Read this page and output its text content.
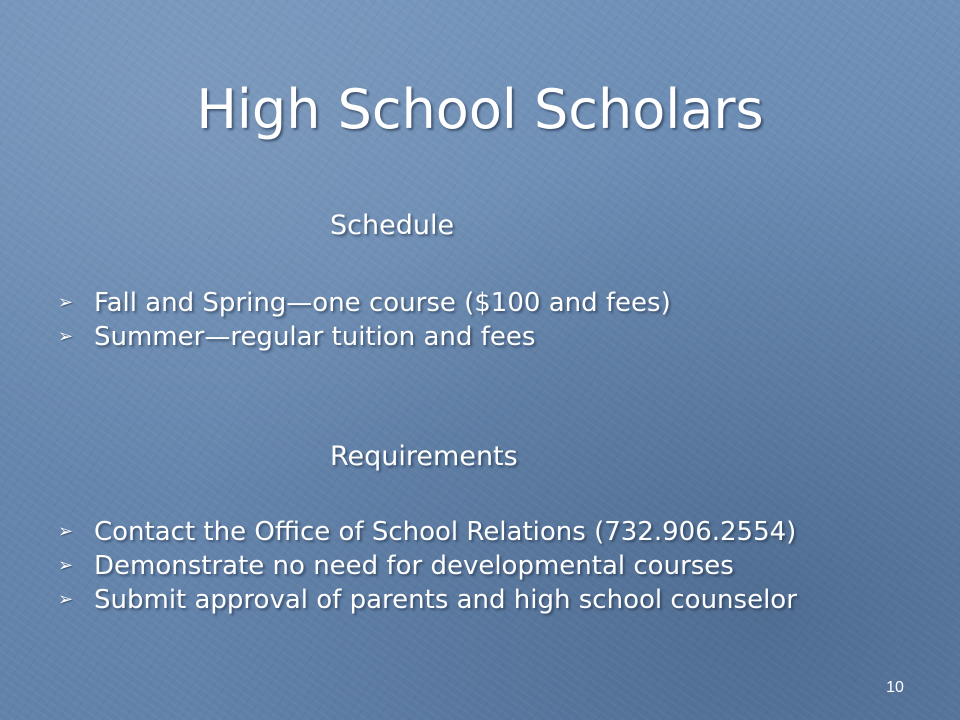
High School Scholars
Schedule
➢ Fall and Spring—one course ($100 and fees)
➢ Summer—regular tuition and fees
Requirements
➢ Contact the Office of School Relations (732.906.2554)
➢ Demonstrate no need for developmental courses
➢ Submit approval of parents and high school counselor
10
